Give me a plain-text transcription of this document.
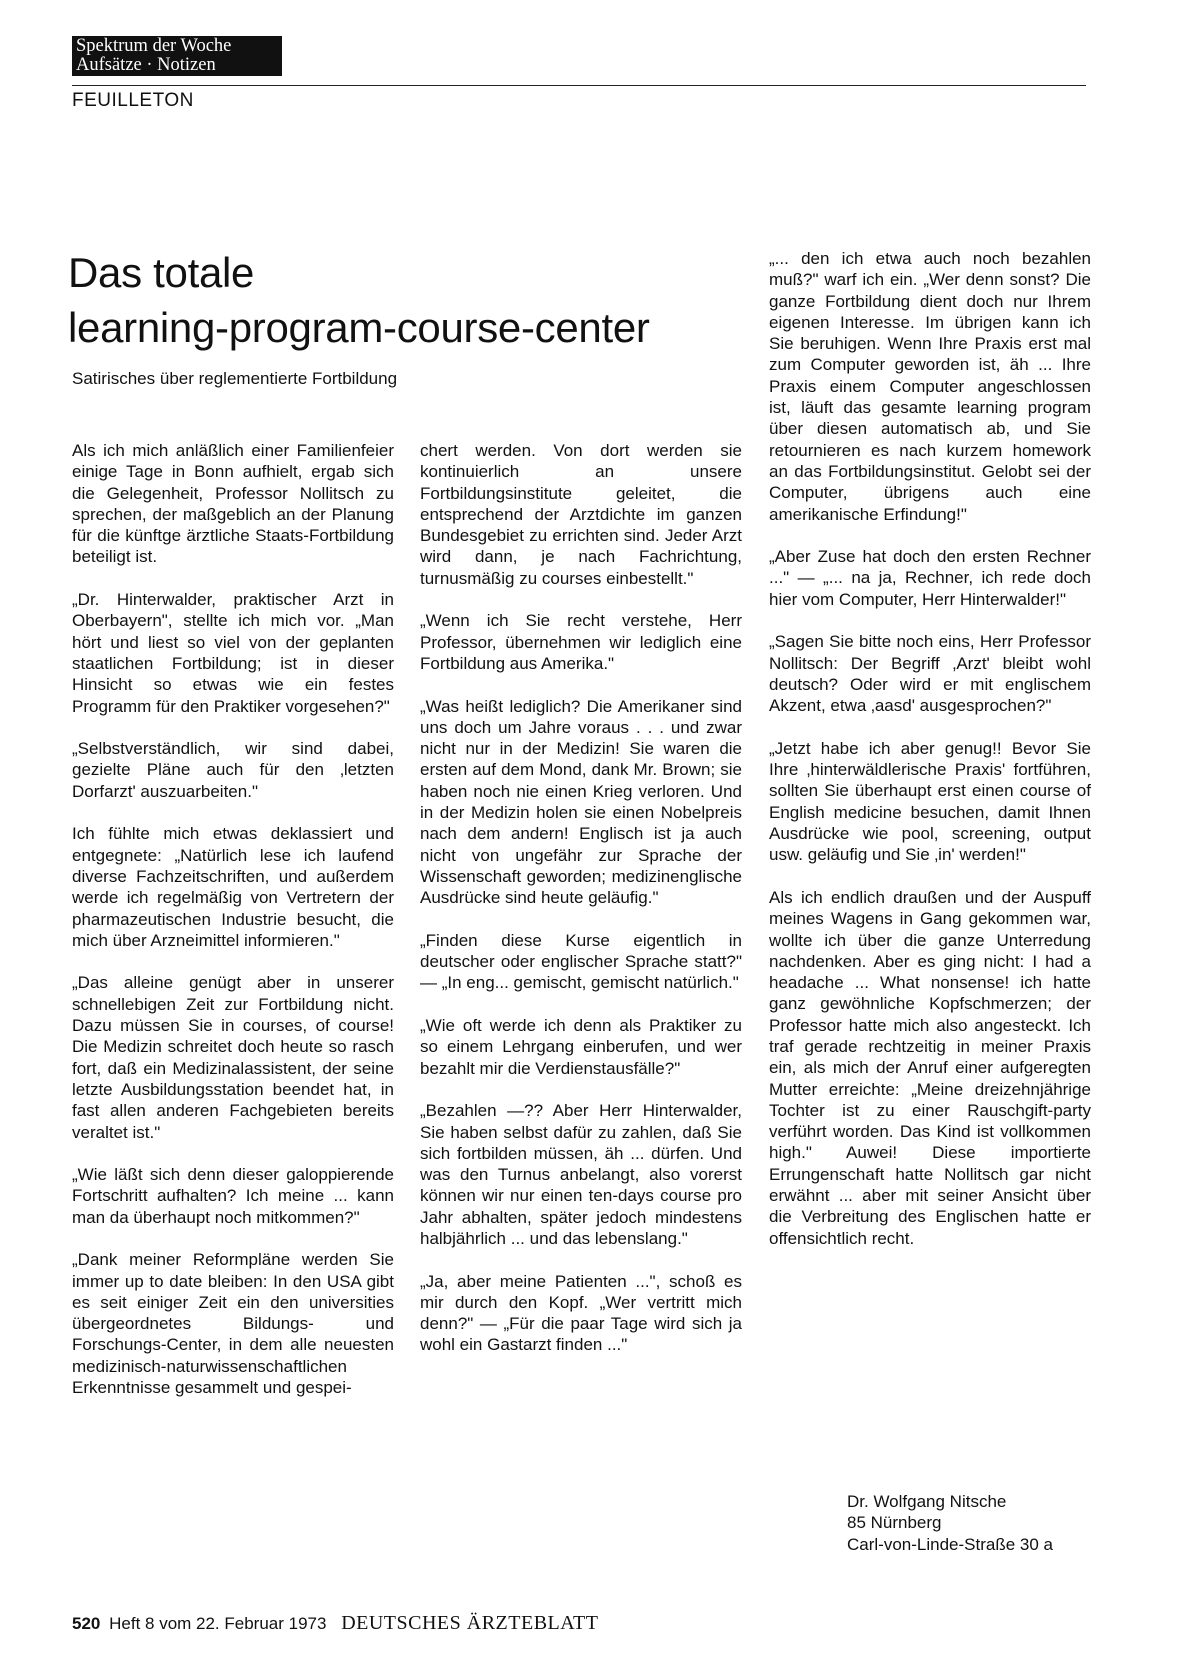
Spektrum der Woche
Aufsätze · Notizen
FEUILLETON
Das totale
learning-program-course-center
Satirisches über reglementierte Fortbildung

Als ich mich anläßlich einer Familienfeier einige Tage in Bonn aufhielt, ergab sich die Gelegenheit, Professor Nollitsch zu sprechen, der maßgeblich an der Planung für die künftge ärztliche Staats-Fortbildung beteiligt ist.

„Dr. Hinterwalder, praktischer Arzt in Oberbayern", stellte ich mich vor. „Man hört und liest so viel von der geplanten staatlichen Fortbildung; ist in dieser Hinsicht so etwas wie ein festes Programm für den Praktiker vorgesehen?"

„Selbstverständlich, wir sind dabei, gezielte Pläne auch für den ‚letzten Dorfarzt' auszuarbeiten."

Ich fühlte mich etwas deklassiert und entgegnete: „Natürlich lese ich laufend diverse Fachzeitschriften, und außerdem werde ich regelmäßig von Vertretern der pharmazeutischen Industrie besucht, die mich über Arzneimittel informieren."

„Das alleine genügt aber in unserer schnellebigen Zeit zur Fortbildung nicht. Dazu müssen Sie in courses, of course! Die Medizin schreitet doch heute so rasch fort, daß ein Medizinalassistent, der seine letzte Ausbildungsstation beendet hat, in fast allen anderen Fachgebieten bereits veraltet ist."

„Wie läßt sich denn dieser galoppierende Fortschritt aufhalten? Ich meine ... kann man da überhaupt noch mitkommen?"

„Dank meiner Reformpläne werden Sie immer up to date bleiben: In den USA gibt es seit einiger Zeit ein den universities übergeordnetes Bildungs- und Forschungs-Center, in dem alle neuesten medizinisch-naturwissenschaftlichen Erkenntnisse gesammelt und gespei-

chert werden. Von dort werden sie kontinuierlich an unsere Fortbildungsinstitute geleitet, die entsprechend der Arztdichte im ganzen Bundesgebiet zu errichten sind. Jeder Arzt wird dann, je nach Fachrichtung, turnusmäßig zu courses einbestellt."

„Wenn ich Sie recht verstehe, Herr Professor, übernehmen wir lediglich eine Fortbildung aus Amerika."

„Was heißt lediglich? Die Amerikaner sind uns doch um Jahre voraus . . . und zwar nicht nur in der Medizin! Sie waren die ersten auf dem Mond, dank Mr. Brown; sie haben noch nie einen Krieg verloren. Und in der Medizin holen sie einen Nobelpreis nach dem andern! Englisch ist ja auch nicht von ungefähr zur Sprache der Wissenschaft geworden; medizinenglische Ausdrücke sind heute geläufig."

„Finden diese Kurse eigentlich in deutscher oder englischer Sprache statt?" — „In eng... gemischt, gemischt natürlich."

„Wie oft werde ich denn als Praktiker zu so einem Lehrgang einberufen, und wer bezahlt mir die Verdienstausfälle?"

„Bezahlen —?? Aber Herr Hinterwalder, Sie haben selbst dafür zu zahlen, daß Sie sich fortbilden müssen, äh ... dürfen. Und was den Turnus anbelangt, also vorerst können wir nur einen ten-days course pro Jahr abhalten, später jedoch mindestens halbjährlich ... und das lebenslang."

„Ja, aber meine Patienten ...", schoß es mir durch den Kopf. „Wer vertritt mich denn?" — „Für die paar Tage wird sich ja wohl ein Gastarzt finden ..."

„... den ich etwa auch noch bezahlen muß?" warf ich ein. „Wer denn sonst? Die ganze Fortbildung dient doch nur Ihrem eigenen Interesse. Im übrigen kann ich Sie beruhigen. Wenn Ihre Praxis erst mal zum Computer geworden ist, äh ... Ihre Praxis einem Computer angeschlossen ist, läuft das gesamte learning program über diesen automatisch ab, und Sie retournieren es nach kurzem homework an das Fortbildungsinstitut. Gelobt sei der Computer, übrigens auch eine amerikanische Erfindung!"

„Aber Zuse hat doch den ersten Rechner ..." — „... na ja, Rechner, ich rede doch hier vom Computer, Herr Hinterwalder!"

„Sagen Sie bitte noch eins, Herr Professor Nollitsch: Der Begriff ‚Arzt' bleibt wohl deutsch? Oder wird er mit englischem Akzent, etwa ‚aasd' ausgesprochen?"

„Jetzt habe ich aber genug!! Bevor Sie Ihre ‚hinterwäldlerische Praxis' fortführen, sollten Sie überhaupt erst einen course of English medicine besuchen, damit Ihnen Ausdrücke wie pool, screening, output usw. geläufig und Sie ‚in' werden!"

Als ich endlich draußen und der Auspuff meines Wagens in Gang gekommen war, wollte ich über die ganze Unterredung nachdenken. Aber es ging nicht: I had a headache ... What nonsense! ich hatte ganz gewöhnliche Kopfschmerzen; der Professor hatte mich also angesteckt. Ich traf gerade rechtzeitig in meiner Praxis ein, als mich der Anruf einer aufgeregten Mutter erreichte: „Meine dreizehnjährige Tochter ist zu einer Rauschgift-party verführt worden. Das Kind ist vollkommen high." Auwei! Diese importierte Errungenschaft hatte Nollitsch gar nicht erwähnt ... aber mit seiner Ansicht über die Verbreitung des Englischen hatte er offensichtlich recht.

Dr. Wolfgang Nitsche
85 Nürnberg
Carl-von-Linde-Straße 30 a
520 Heft 8 vom 22. Februar 1973 DEUTSCHES ÄRZTEBLATT
